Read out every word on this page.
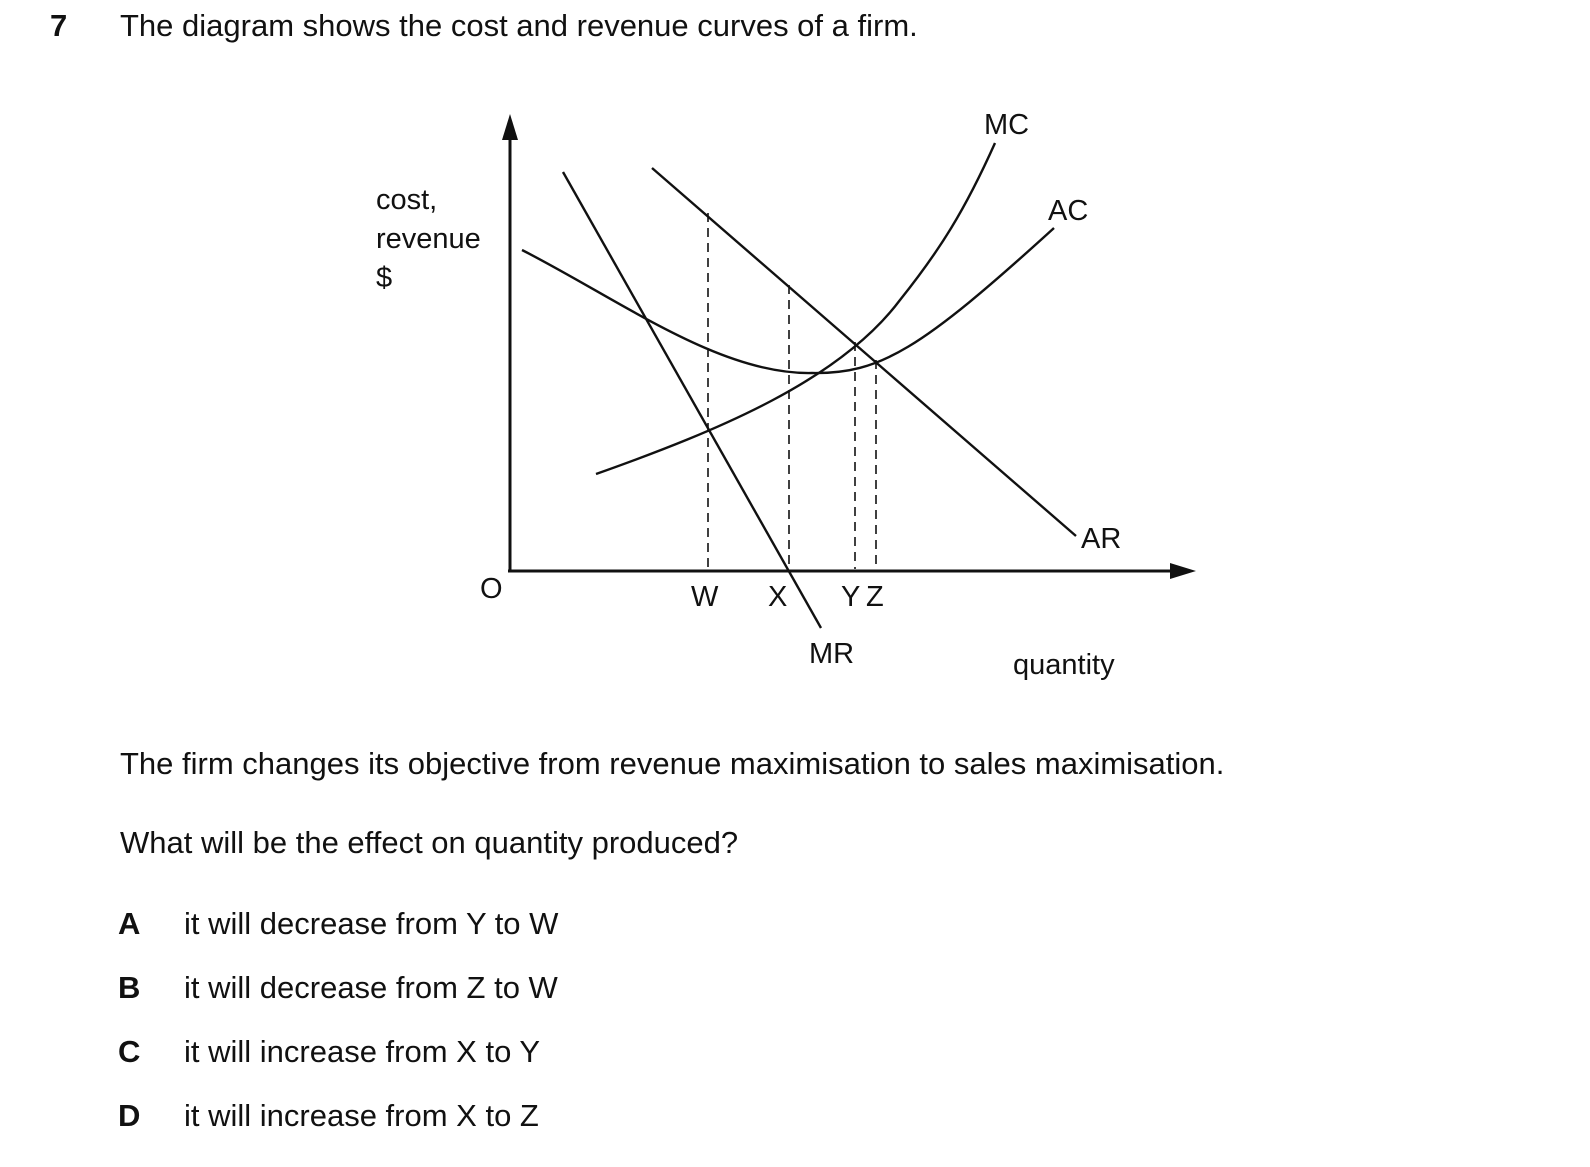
7 The diagram shows the cost and revenue curves of a firm.
cost,
revenue
$
O
quantity
MC
AC
AR
MR
W X Y Z
The firm changes its objective from revenue maximisation to sales maximisation.
What will be the effect on quantity produced?
A it will decrease from Y to W
B it will decrease from Z to W
C it will increase from X to Y
D it will increase from X to Z
